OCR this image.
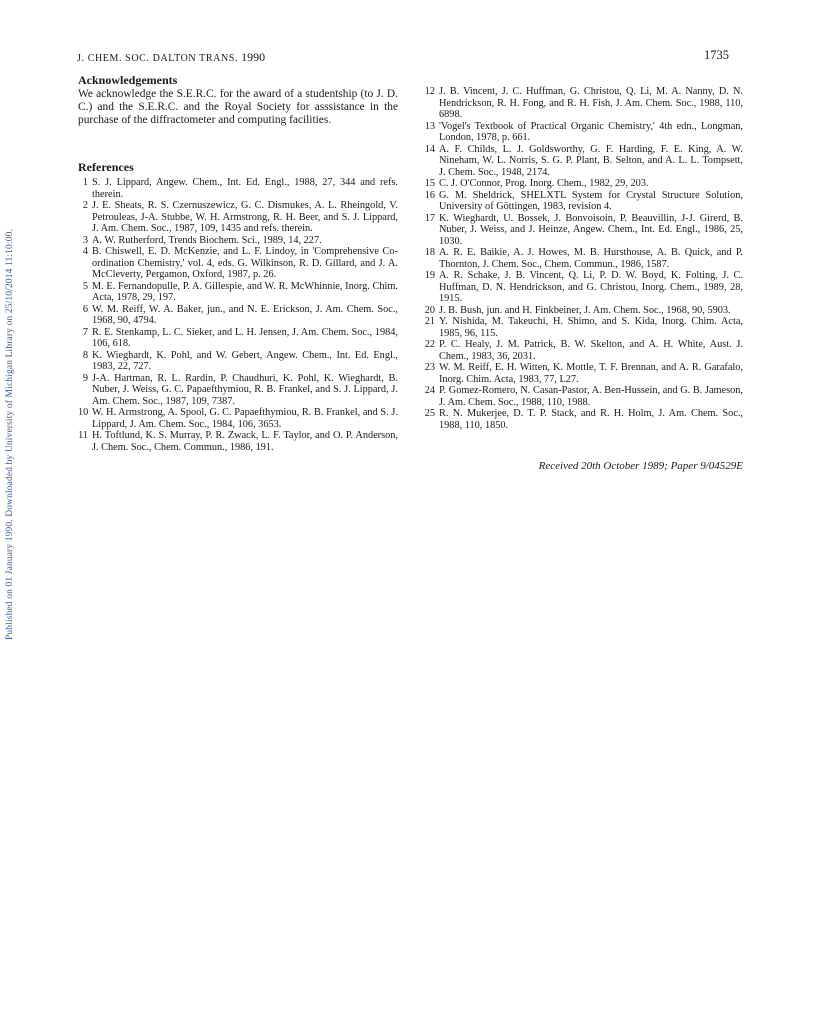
Published on 01 January 1990. Downloaded by University of Michigan Library on 25/10/2014 11:10:00.
J. CHEM. SOC. DALTON TRANS. 1990	1735
Acknowledgements

We acknowledge the S.E.R.C. for the award of a studentship (to J. D. C.) and the S.E.R.C. and the Royal Society for asssistance in the purchase of the diffractometer and computing facilities.

References
1 S. J. Lippard, Angew. Chem., Int. Ed. Engl., 1988, 27, 344 and refs. therein.
2 J. E. Sheats, R. S. Czernuszewicz, G. C. Dismukes, A. L. Rheingold, V. Petrouleas, J-A. Stubbe, W. H. Armstrong, R. H. Beer, and S. J. Lippard, J. Am. Chem. Soc., 1987, 109, 1435 and refs. therein.
3 A. W. Rutherford, Trends Biochem. Sci., 1989, 14, 227.
4 B. Chiswell, E. D. McKenzie, and L. F. Lindoy, in 'Comprehensive Co-ordination Chemistry,' vol. 4, eds. G. Wilkinson, R. D. Gillard, and J. A. McCleverty, Pergamon, Oxford, 1987, p. 26.
5 M. E. Fernandopulle, P. A. Gillespie, and W. R. McWhinnie, Inorg. Chim. Acta, 1978, 29, 197.
6 W. M. Reiff, W. A. Baker, jun., and N. E. Erickson, J. Am. Chem. Soc., 1968, 90, 4794.
7 R. E. Stenkamp, L. C. Sieker, and L. H. Jensen, J. Am. Chem. Soc., 1984, 106, 618.
8 K. Wieghardt, K. Pohl, and W. Gebert, Angew. Chem., Int. Ed. Engl., 1983, 22, 727.
9 J-A. Hartman, R. L. Rardin, P. Chaudhuri, K. Pohl, K. Wieghardt, B. Nuber, J. Weiss, G. C. Papaefthymiou, R. B. Frankel, and S. J. Lippard, J. Am. Chem. Soc., 1987, 109, 7387.
10 W. H. Armstrong, A. Spool, G. C. Papaefthymiou, R. B. Frankel, and S. J. Lippard, J. Am. Chem. Soc., 1984, 106, 3653.
11 H. Toftlund, K. S. Murray, P. R. Zwack, L. F. Taylor, and O. P. Anderson, J. Chem. Soc., Chem. Commun., 1986, 191.
12 J. B. Vincent, J. C. Huffman, G. Christou, Q. Li, M. A. Nanny, D. N. Hendrickson, R. H. Fong, and R. H. Fish, J. Am. Chem. Soc., 1988, 110, 6898.
13 'Vogel's Textbook of Practical Organic Chemistry,' 4th edn., Longman, London, 1978, p. 661.
14 A. F. Childs, L. J. Goldsworthy, G. F. Harding, F. E. King, A. W. Nineham, W. L. Norris, S. G. P. Plant, B. Selton, and A. L. L. Tompsett, J. Chem. Soc., 1948, 2174.
15 C. J. O'Connor, Prog. Inorg. Chem., 1982, 29, 203.
16 G. M. Sheldrick, SHELXTL System for Crystal Structure Solution, University of Göttingen, 1983, revision 4.
17 K. Wieghardt, U. Bossek, J. Bonvoisoin, P. Beauvillin, J-J. Girerd, B. Nuber, J. Weiss, and J. Heinze, Angew. Chem., Int. Ed. Engl., 1986, 25, 1030.
18 A. R. E. Baikie, A. J. Howes, M. B. Hursthouse, A. B. Quick, and P. Thornton, J. Chem. Soc., Chem. Commun., 1986, 1587.
19 A. R. Schake, J. B. Vincent, Q. Li, P. D. W. Boyd, K. Folting, J. C. Huffman, D. N. Hendrickson, and G. Christou, Inorg. Chem., 1989, 28, 1915.
20 J. B. Bush, jun. and H. Finkbeiner, J. Am. Chem. Soc., 1968, 90, 5903.
21 Y. Nishida, M. Takeuchi, H. Shimo, and S. Kida, Inorg. Chim. Acta, 1985, 96, 115.
22 P. C. Healy, J. M. Patrick, B. W. Skelton, and A. H. White, Aust. J. Chem., 1983, 36, 2031.
23 W. M. Reiff, E. H. Witten, K. Mottle, T. F. Brennan, and A. R. Garafalo, Inorg. Chim. Acta, 1983, 77, L27.
24 P. Gomez-Romero, N. Casan-Pastor, A. Ben-Hussein, and G. B. Jameson, J. Am. Chem. Soc., 1988, 110, 1988.
25 R. N. Mukerjee, D. T. P. Stack, and R. H. Holm, J. Am. Chem. Soc., 1988, 110, 1850.
Received 20th October 1989; Paper 9/04529E
